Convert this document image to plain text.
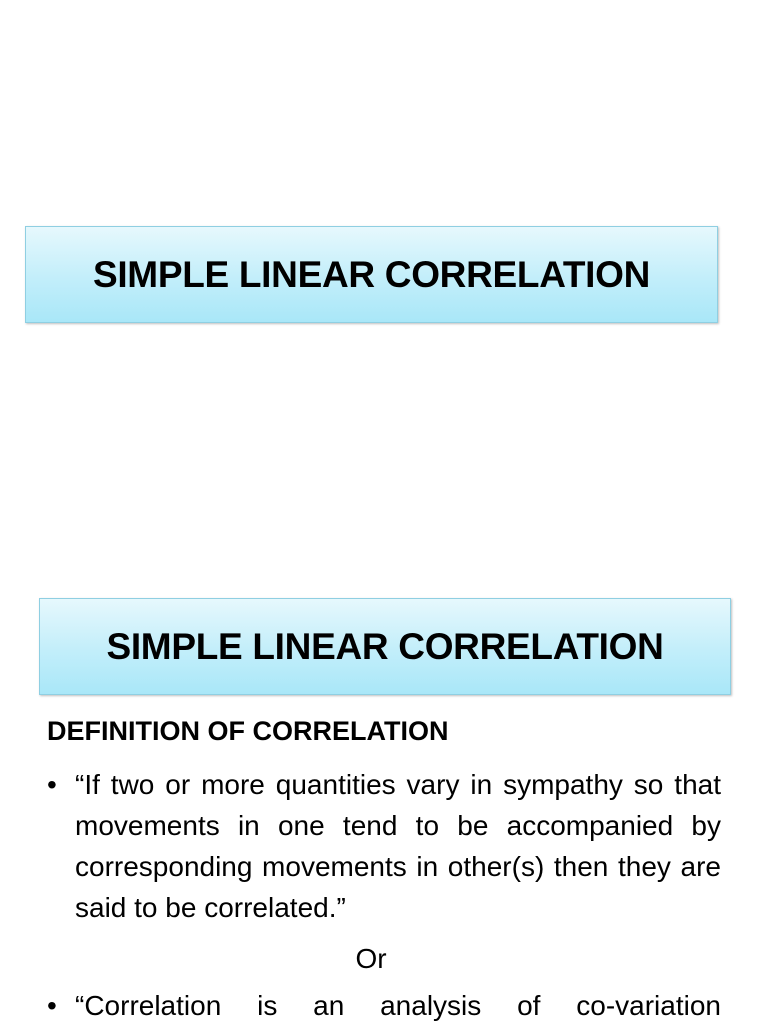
SIMPLE LINEAR CORRELATION
SIMPLE LINEAR CORRELATION
DEFINITION OF CORRELATION
• “If two or more quantities vary in sympathy so that movements in one tend to be accompanied by corresponding movements in other(s) then they are said to be correlated.”
Or
• “Correlation is an analysis of co-variation
